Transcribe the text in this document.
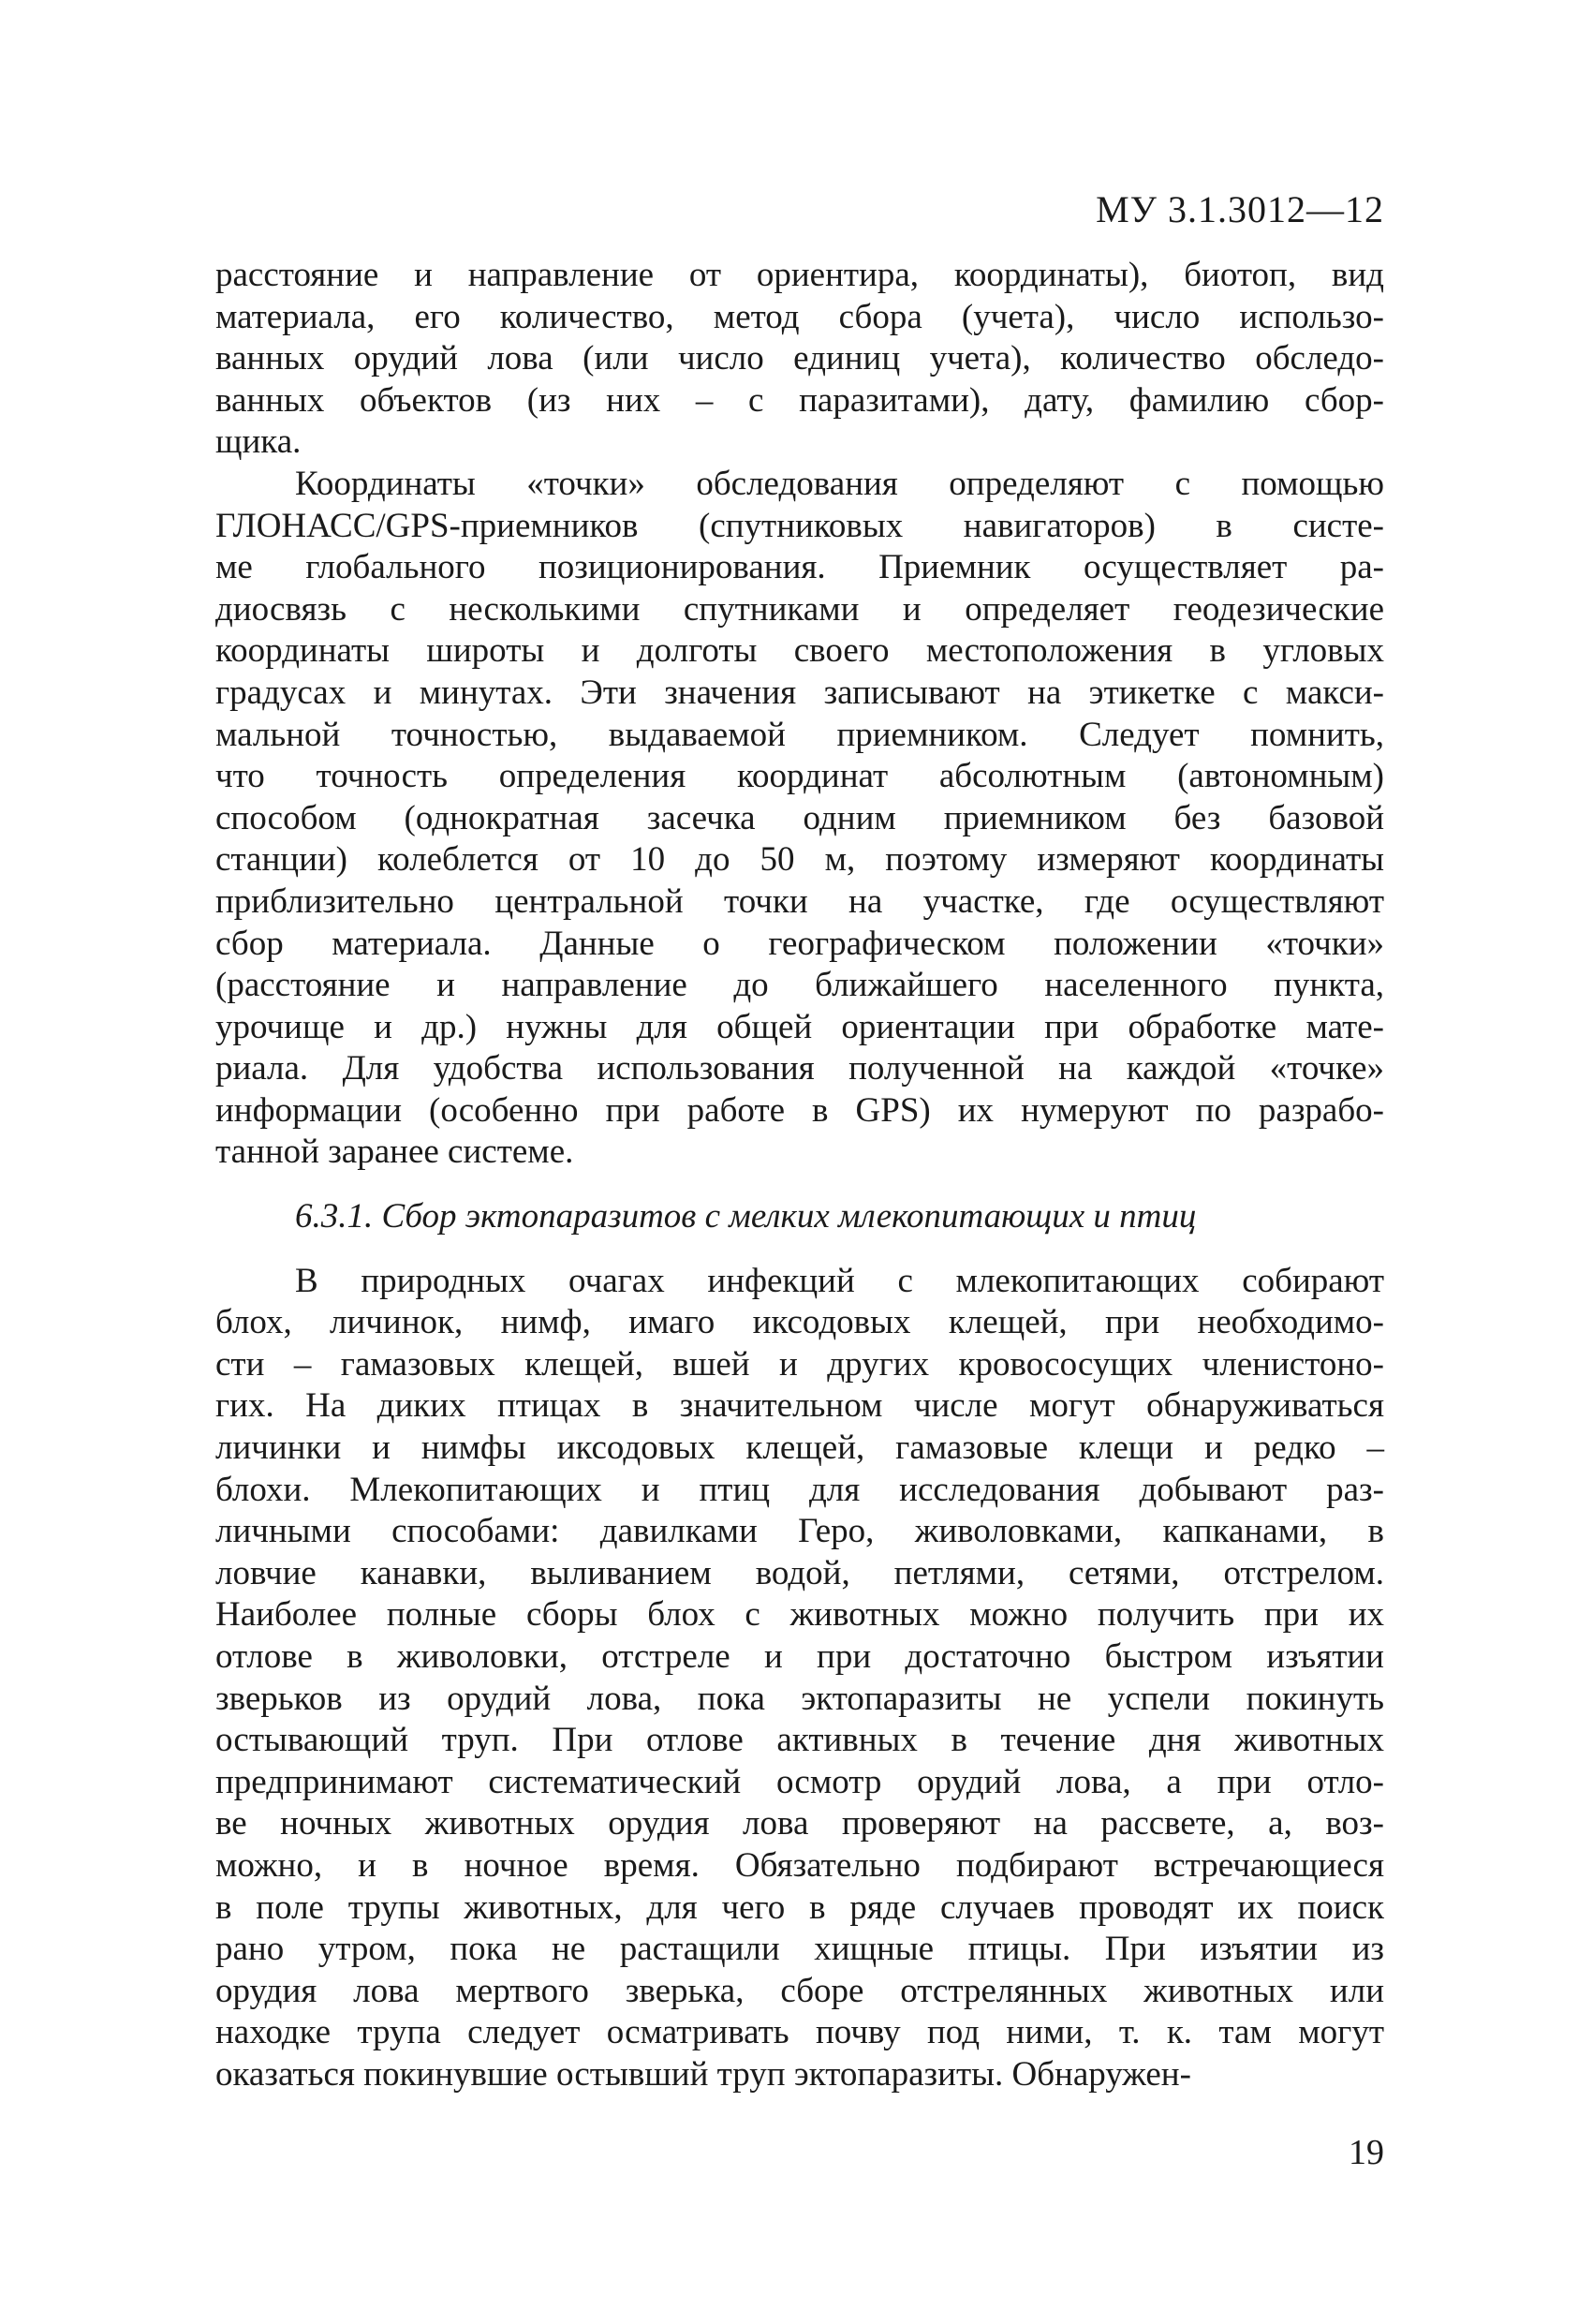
МУ 3.1.3012—12
расстояние и направление от ориентира, координаты), биотоп, вид
материала, его количество, метод сбора (учета), число использо-
ванных орудий лова (или число единиц учета), количество обследо-
ванных объектов (из них – с паразитами), дату, фамилию сбор-
щика.
Координаты «точки» обследования определяют с помощью
ГЛОНАСС/GPS-приемников (спутниковых навигаторов) в систе-
ме глобального позиционирования. Приемник осуществляет ра-
диосвязь с несколькими спутниками и определяет геодезические
координаты широты и долготы своего местоположения в угловых
градусах и минутах. Эти значения записывают на этикетке с макси-
мальной точностью, выдаваемой приемником. Следует помнить,
что точность определения координат абсолютным (автономным)
способом (однократная засечка одним приемником без базовой
станции) колеблется от 10 до 50 м, поэтому измеряют координаты
приблизительно центральной точки на участке, где осуществляют
сбор материала. Данные о географическом положении «точки»
(расстояние и направление до ближайшего населенного пункта,
урочище и др.) нужны для общей ориентации при обработке мате-
риала. Для удобства использования полученной на каждой «точке»
информации (особенно при работе в GPS) их нумеруют по разрабо-
танной заранее системе.
6.3.1. Сбор эктопаразитов с мелких млекопитающих и птиц
В природных очагах инфекций с млекопитающих собирают
блох, личинок, нимф, имаго иксодовых клещей, при необходимо-
сти – гамазовых клещей, вшей и других кровососущих членистоно-
гих. На диких птицах в значительном числе могут обнаруживаться
личинки и нимфы иксодовых клещей, гамазовые клещи и редко –
блохи. Млекопитающих и птиц для исследования добывают раз-
личными способами: давилками Геро, живоловками, капканами, в
ловчие канавки, выливанием водой, петлями, сетями, отстрелом.
Наиболее полные сборы блох с животных можно получить при их
отлове в живоловки, отстреле и при достаточно быстром изъятии
зверьков из орудий лова, пока эктопаразиты не успели покинуть
остывающий труп. При отлове активных в течение дня животных
предпринимают систематический осмотр орудий лова, а при отло-
ве ночных животных орудия лова проверяют на рассвете, а, воз-
можно, и в ночное время. Обязательно подбирают встречающиеся
в поле трупы животных, для чего в ряде случаев проводят их поиск
рано утром, пока не растащили хищные птицы. При изъятии из
орудия лова мертвого зверька, сборе отстрелянных животных или
находке трупа следует осматривать почву под ними, т. к. там могут
оказаться покинувшие остывший труп эктопаразиты. Обнаружен-
19
